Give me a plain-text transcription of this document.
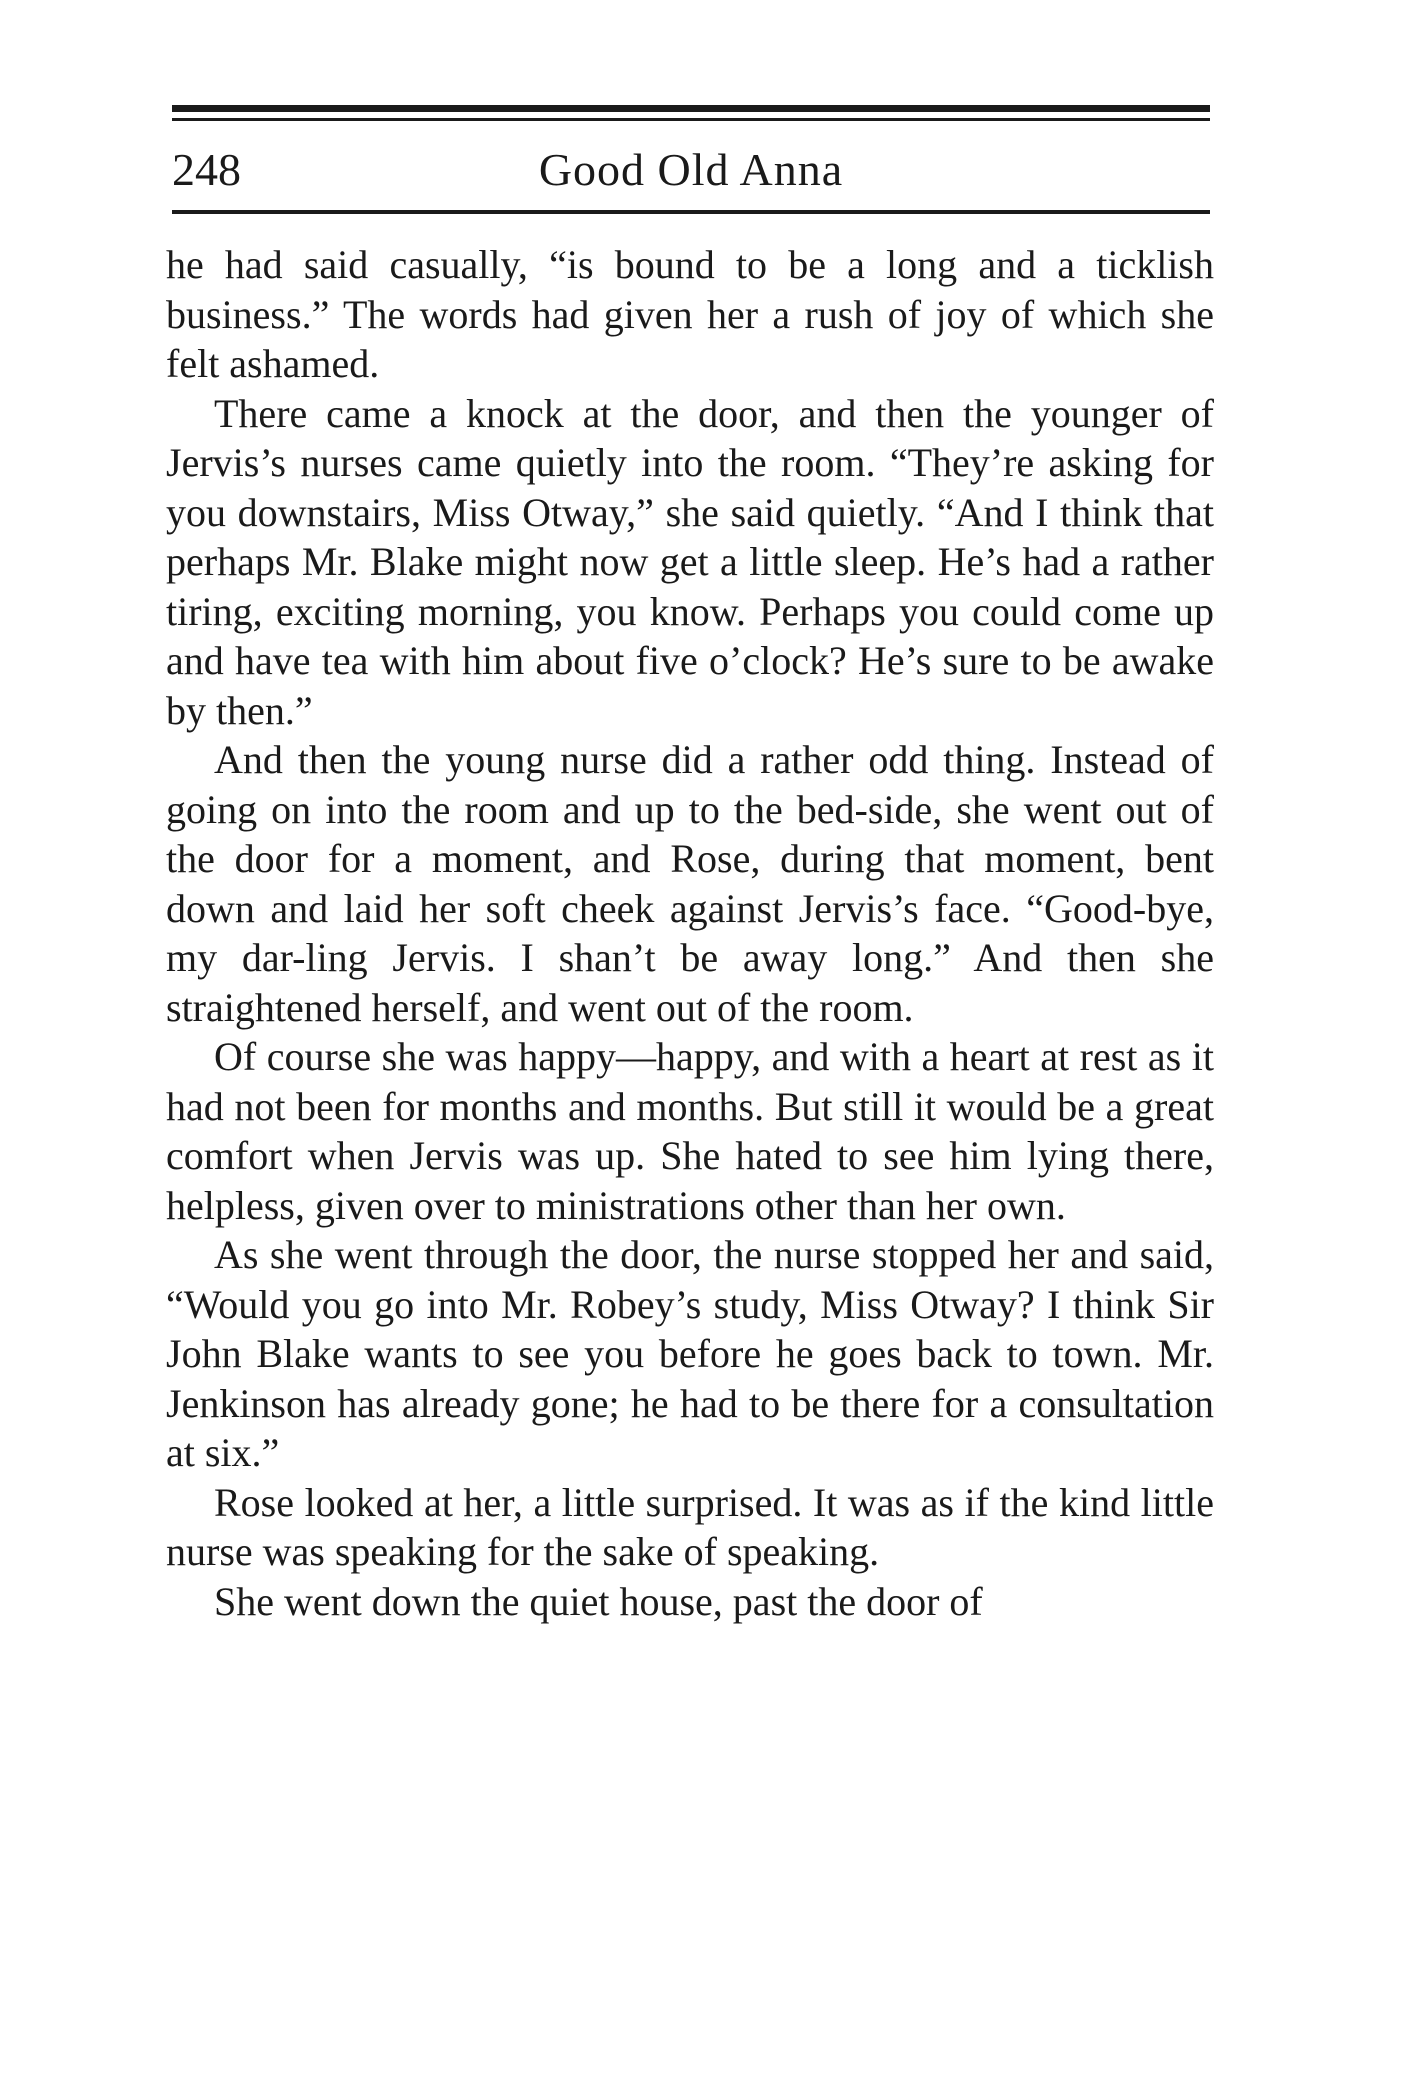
248	Good Old Anna

he had said casually, “is bound to be a long and a ticklish business.” The words had given her a rush of joy of which she felt ashamed.

There came a knock at the door, and then the younger of Jervis’s nurses came quietly into the room. “They’re asking for you downstairs, Miss Otway,” she said quietly. “And I think that perhaps Mr. Blake might now get a little sleep. He’s had a rather tiring, exciting morning, you know. Perhaps you could come up and have tea with him about five o’clock? He’s sure to be awake by then.”

And then the young nurse did a rather odd thing. Instead of going on into the room and up to the bed-side, she went out of the door for a moment, and Rose, during that moment, bent down and laid her soft cheek against Jervis’s face. “Good-bye, my dar-ling Jervis. I shan’t be away long.” And then she straightened herself, and went out of the room.

Of course she was happy—happy, and with a heart at rest as it had not been for months and months. But still it would be a great comfort when Jervis was up. She hated to see him lying there, helpless, given over to ministrations other than her own.

As she went through the door, the nurse stopped her and said, “Would you go into Mr. Robey’s study, Miss Otway? I think Sir John Blake wants to see you before he goes back to town. Mr. Jenkinson has already gone; he had to be there for a consultation at six.”

Rose looked at her, a little surprised. It was as if the kind little nurse was speaking for the sake of speaking.

She went down the quiet house, past the door of
